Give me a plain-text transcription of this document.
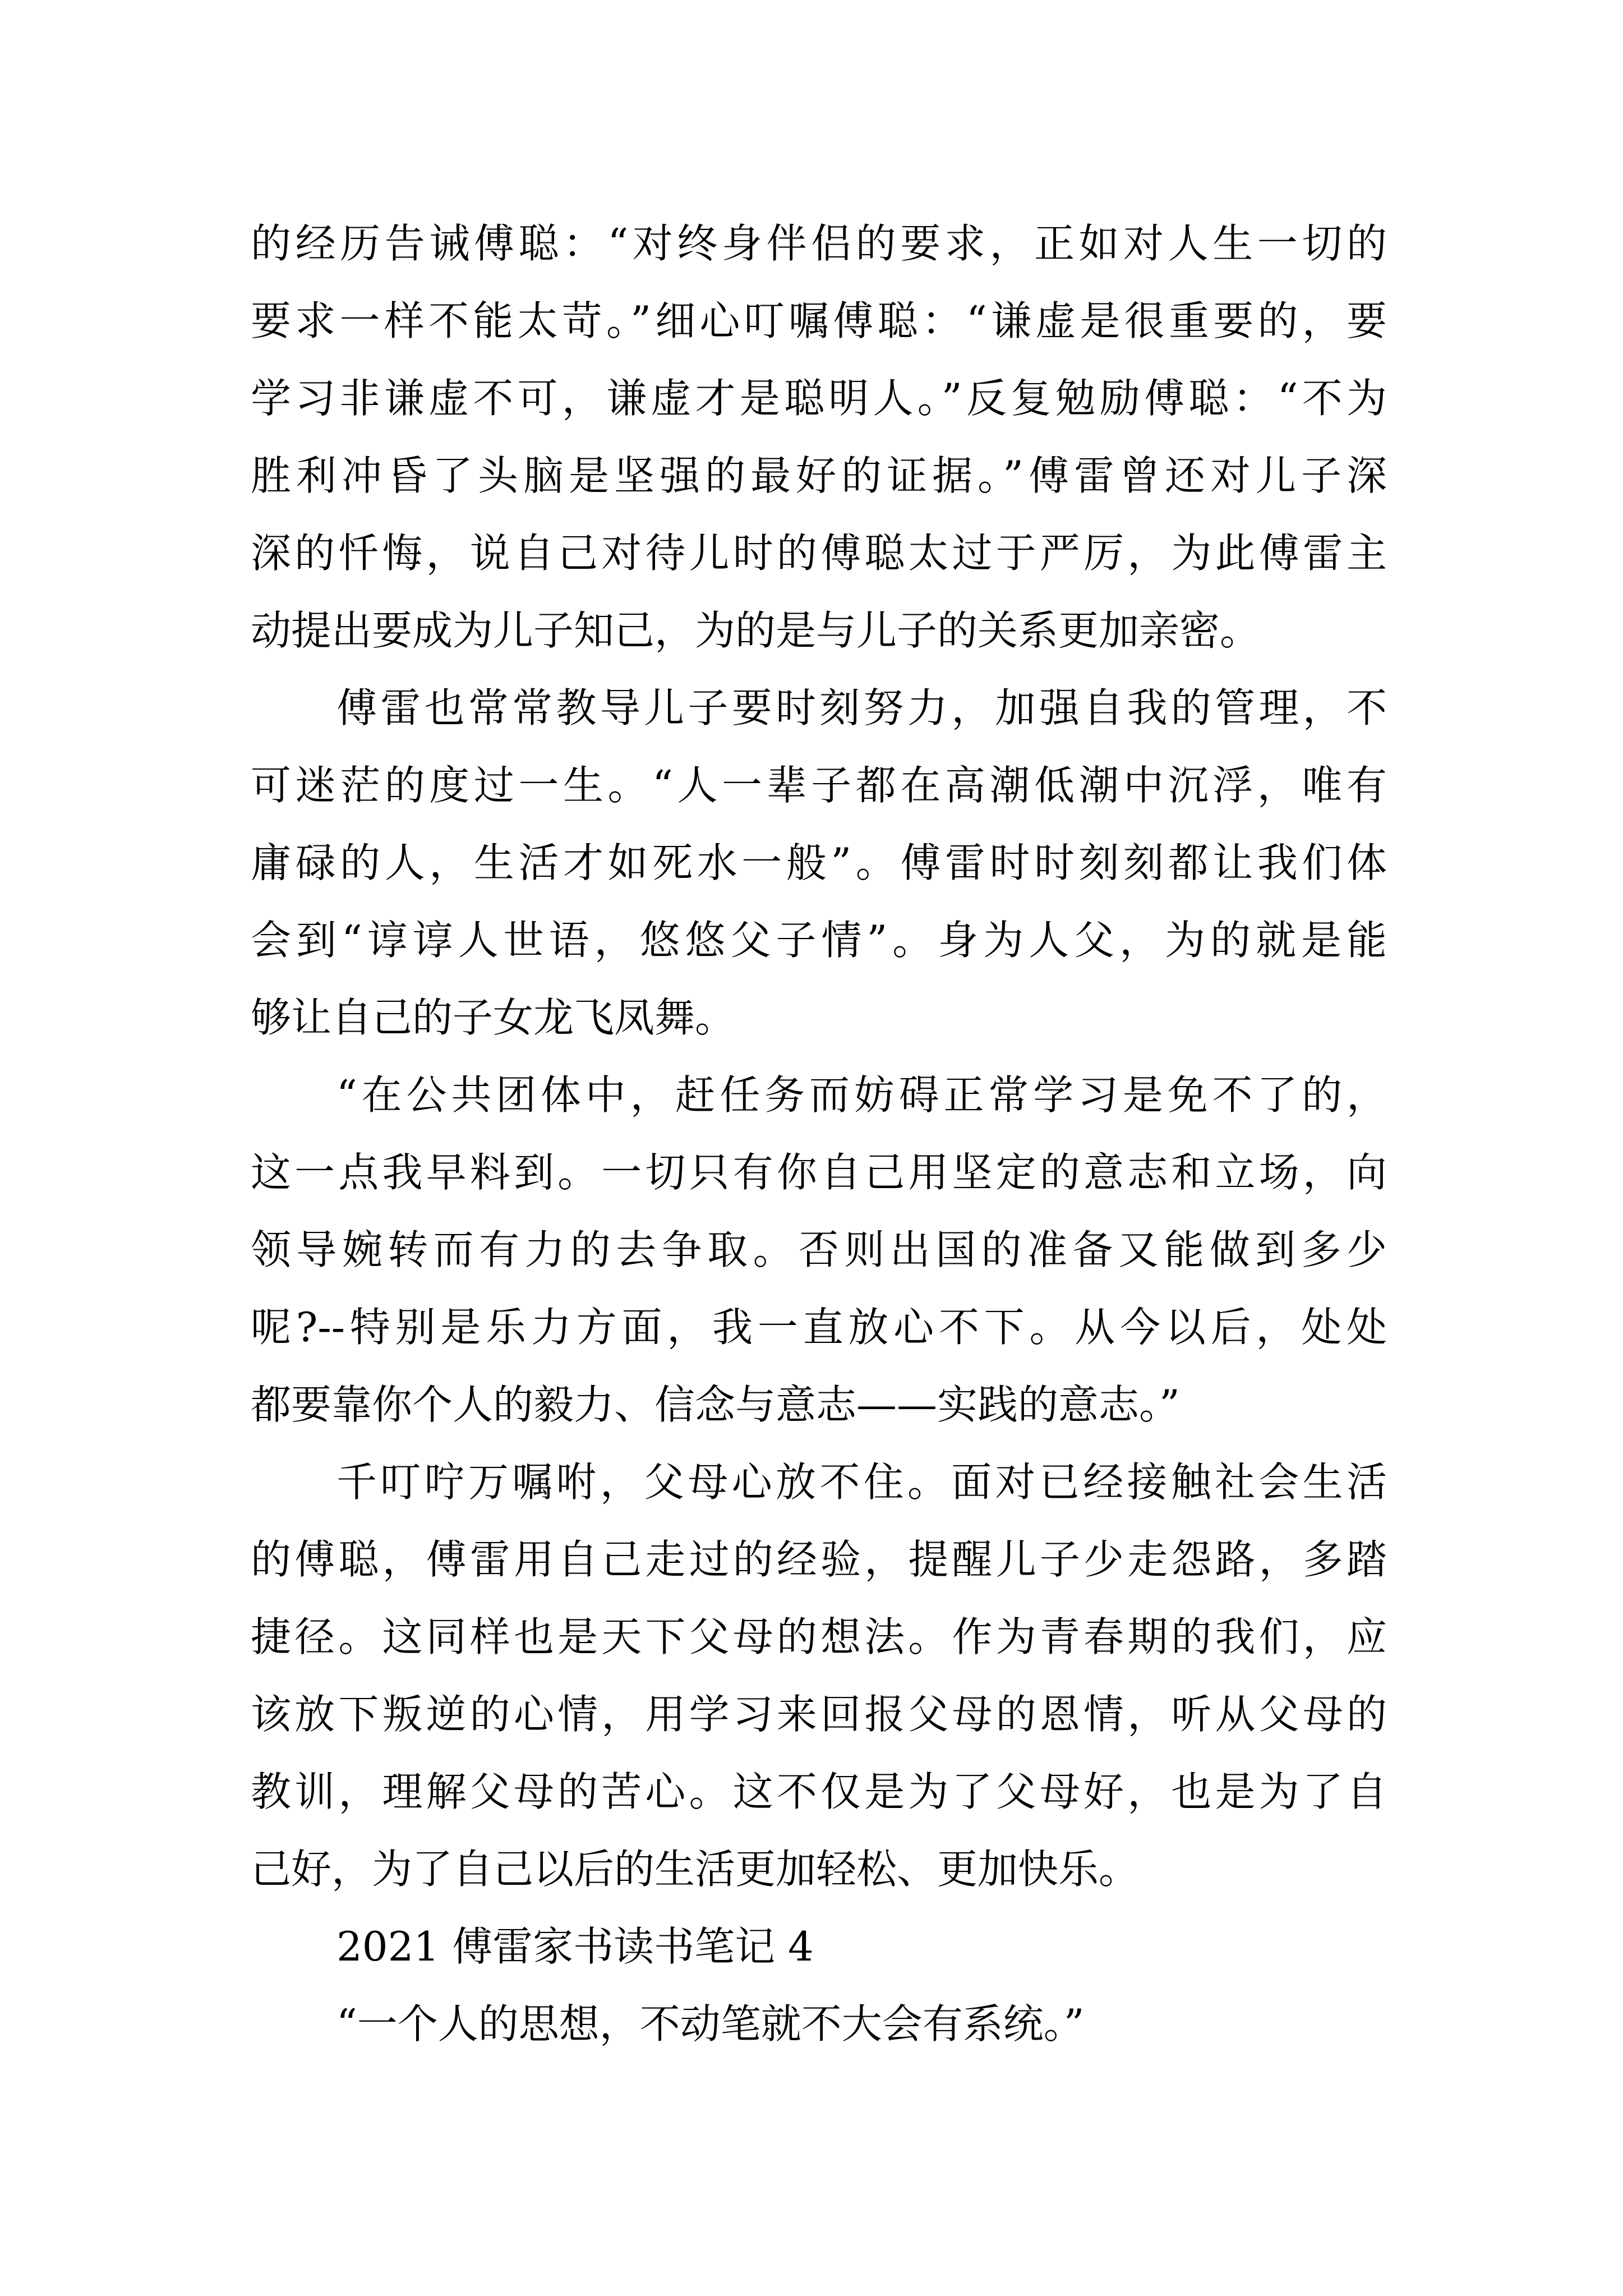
的经历告诫傅聪：“对终身伴侣的要求，正如对人生一切的
要求一样不能太苛。”细心叮嘱傅聪：“谦虚是很重要的，要
学习非谦虚不可，谦虚才是聪明人。”反复勉励傅聪：“不为
胜利冲昏了头脑是坚强的最好的证据。”傅雷曾还对儿子深
深的忏悔，说自己对待儿时的傅聪太过于严厉，为此傅雷主
动提出要成为儿子知己，为的是与儿子的关系更加亲密。
傅雷也常常教导儿子要时刻努力，加强自我的管理，不
可迷茫的度过一生。“人一辈子都在高潮低潮中沉浮，唯有
庸碌的人，生活才如死水一般”。傅雷时时刻刻都让我们体
会到“谆谆人世语，悠悠父子情”。身为人父，为的就是能
够让自己的子女龙飞凤舞。
“在公共团体中，赶任务而妨碍正常学习是免不了的，
这一点我早料到。一切只有你自己用坚定的意志和立场，向
领导婉转而有力的去争取。否则出国的准备又能做到多少
呢?--特别是乐力方面，我一直放心不下。从今以后，处处
都要靠你个人的毅力、信念与意志——实践的意志。”
千叮咛万嘱咐，父母心放不住。面对已经接触社会生活
的傅聪，傅雷用自己走过的经验，提醒儿子少走怨路，多踏
捷径。这同样也是天下父母的想法。作为青春期的我们，应
该放下叛逆的心情，用学习来回报父母的恩情，听从父母的
教训，理解父母的苦心。这不仅是为了父母好，也是为了自
己好，为了自己以后的生活更加轻松、更加快乐。
2021 傅雷家书读书笔记 4
“一个人的思想，不动笔就不大会有系统。”
